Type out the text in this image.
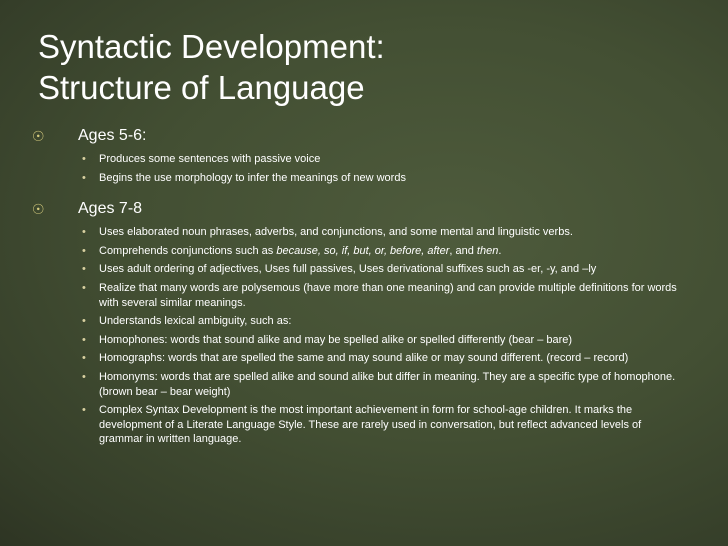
Syntactic Development:
Structure of Language
☉ Ages 5-6:
• Produces some sentences with passive voice
• Begins the use morphology to infer the meanings of new words
☉ Ages 7-8
• Uses elaborated noun phrases, adverbs, and conjunctions, and some mental and linguistic verbs.
• Comprehends conjunctions such as because, so, if, but, or, before, after, and then.
• Uses adult ordering of adjectives, Uses full passives, Uses derivational suffixes such as -er, -y, and –ly
• Realize that many words are polysemous (have more than one meaning) and can provide multiple definitions for words with several similar meanings.
• Understands lexical ambiguity, such as:
• Homophones: words that sound alike and may be spelled alike or spelled differently (bear – bare)
• Homographs: words that are spelled the same and may sound alike or may sound different. (record – record)
• Homonyms: words that are spelled alike and sound alike but differ in meaning. They are a specific type of homophone. (brown bear – bear weight)
• Complex Syntax Development is the most important achievement in form for school-age children. It marks the development of a Literate Language Style. These are rarely used in conversation, but reflect advanced levels of grammar in written language.
